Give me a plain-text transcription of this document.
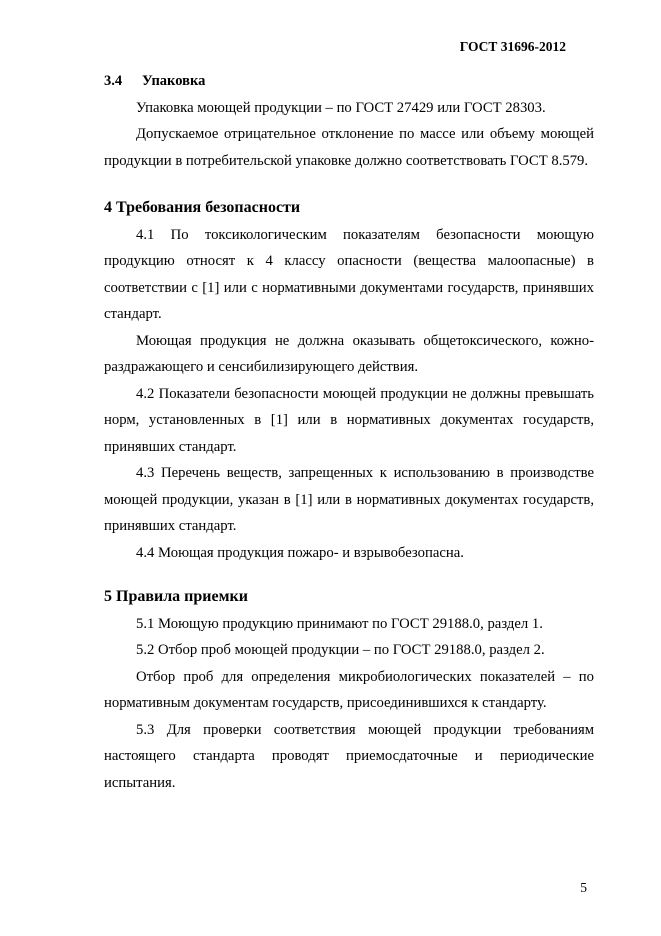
ГОСТ 31696-2012

3.4 Упаковка

Упаковка моющей продукции – по ГОСТ 27429 или ГОСТ 28303.

Допускаемое отрицательное отклонение по массе или объему моющей продукции в потребительской упаковке должно соответствовать ГОСТ 8.579.

4 Требования безопасности

4.1 По токсикологическим показателям безопасности моющую продукцию относят к 4 классу опасности (вещества малоопасные) в соответствии с [1] или с нормативными документами государств, принявших стандарт.

Моющая продукция не должна оказывать общетоксического, кожно-раздражающего и сенсибилизирующего действия.

4.2 Показатели безопасности моющей продукции не должны превышать норм, установленных в [1] или в нормативных документах государств, принявших стандарт.

4.3 Перечень веществ, запрещенных к использованию в производстве моющей продукции, указан в [1] или в нормативных документах государств, принявших стандарт.

4.4 Моющая продукция пожаро- и взрывобезопасна.

5 Правила приемки

5.1 Моющую продукцию принимают по ГОСТ 29188.0, раздел 1.

5.2 Отбор проб моющей продукции – по ГОСТ 29188.0, раздел 2.

Отбор проб для определения микробиологических показателей – по нормативным документам государств, присоединившихся к стандарту.

5.3 Для проверки соответствия моющей продукции требованиям настоящего стандарта проводят приемосдаточные и периодические испытания.

5
